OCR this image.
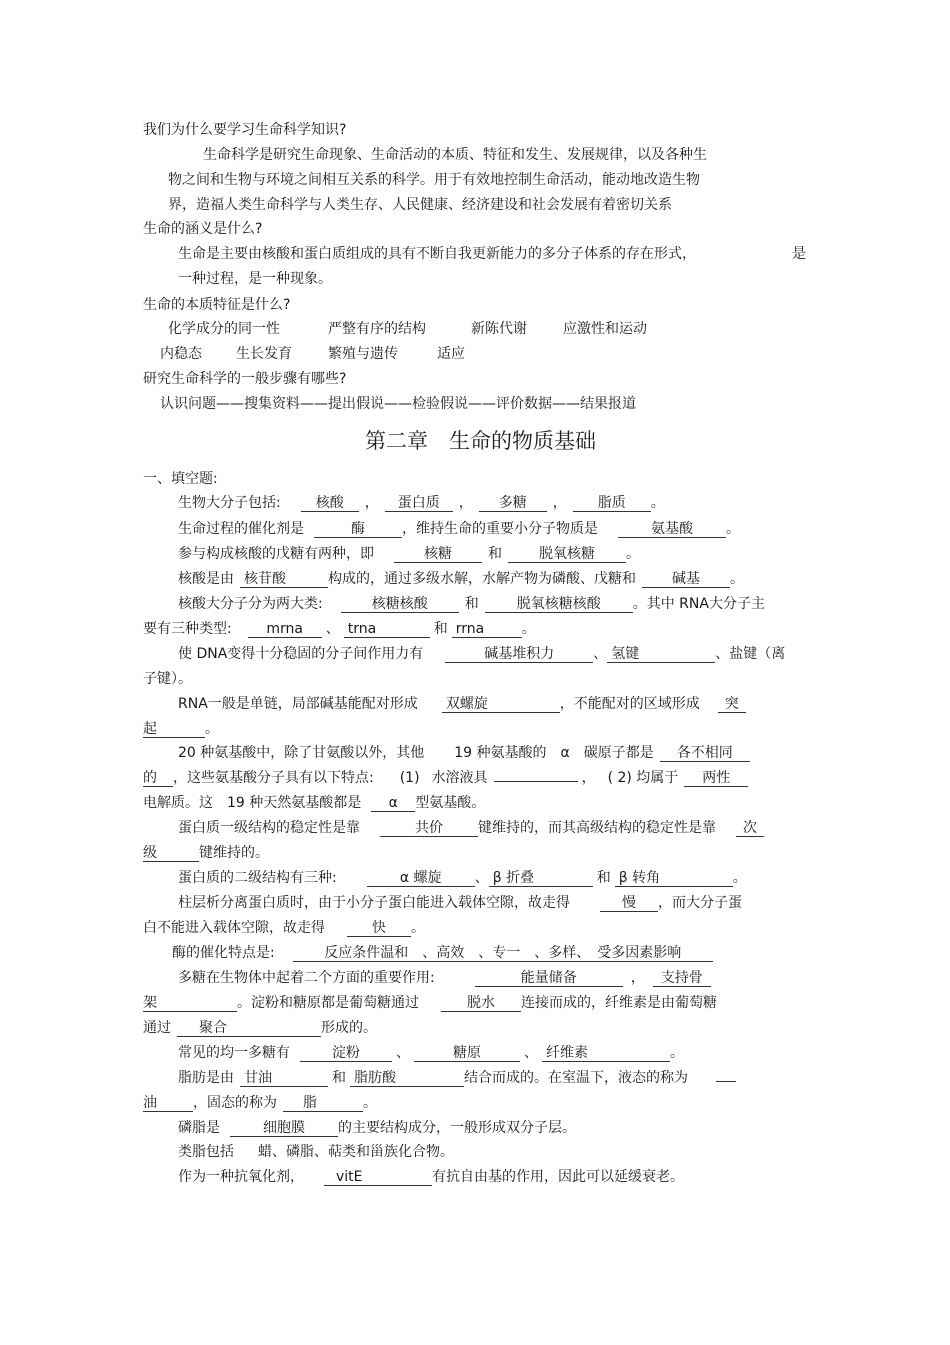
我们为什么要学习生命科学知识?
生命科学是研究生命现象、生命活动的本质、特征和发生、发展规律，以及各种生
物之间和生物与环境之间相互关系的科学。用于有效地控制生命活动，能动地改造生物
界，造福人类生命科学与人类生存、人民健康、经济建设和社会发展有着密切关系
生命的涵义是什么?
生命是主要由核酸和蛋白质组成的具有不断自我更新能力的多分子体系的存在形式，	是
一种过程，是一种现象。
生命的本质特征是什么?
化学成分的同一性	严整有序的结构	新陈代谢	应激性和运动
内稳态 生长发育	繁殖与遗传	适应
研究生命科学的一般步骤有哪些?
认识问题——搜集资料——提出假说——检验假说——评价数据——结果报道
第二章　生命的物质基础
一、填空题:
生物大分子包括:	核酸 ， 蛋白质 ， 多糖 ， 脂质 。
生命过程的催化剂是	酶	，维持生命的重要小分子物质是	氨基酸 。
参与构成核酸的戊糖有两种，即	核糖	和	脱氧核糖 。
核酸是由 核苷酸	构成的，通过多级水解，水解产物为磷酸、戊糖和	碱基 。
核酸大分子分为两大类:	核糖核酸	和	脱氧核糖核酸 。其中 RNA大分子主
要有三种类型: mrna 、 trna	和 rrna	。
使 DNA变得十分稳固的分子间作用力有	碱基堆积力	、 氢键	、盐键（离
子键）。
RNA一般是单链，局部碱基能配对形成 双螺旋	，不能配对的区域形成 突
起	。
20 种氨基酸中，除了甘氨酸以外，其他 19 种氨基酸的 α 碳原子都是 各不相同
的 ，这些氨基酸分子具有以下特点: (1) 水溶液具	， ( 2) 均属于 两性
电解质。这 19 种天然氨基酸都是 α 型氨基酸。
蛋白质一级结构的稳定性是靠	共价	键维持的，而其高级结构的稳定性是靠 次
级	键维持的。
蛋白质的二级结构有三种:	α 螺旋 、 β 折叠	和 β 转角	。
柱层析分离蛋白质时，由于小分子蛋白能进入载体空隙，故走得	慢 ，而大分子蛋
白不能进入载体空隙，故走得	快 。
酶的催化特点是:	反应条件温和　、高效　、专一　、多样、　受多因素影响
多糖在生物体中起着二个方面的重要作用:	能量储备	， 支持骨
架	。淀粉和糖原都是葡萄糖通过	脱水 连接而成的，纤维素是由葡萄糖
通过 聚合	形成的。
常见的均一多糖有	淀粉	、	糖原	、 纤维素	。
脂肪是由 甘油	和 脂肪酸	结合而成的。在室温下，液态的称为
油	，固态的称为 脂	。
磷脂是	细胞膜 的主要结构成分，一般形成双分子层。
类脂包括 蜡、磷脂、萜类和甾族化合物。
作为一种抗氧化剂， vitE	有抗自由基的作用，因此可以延缓衰老。
